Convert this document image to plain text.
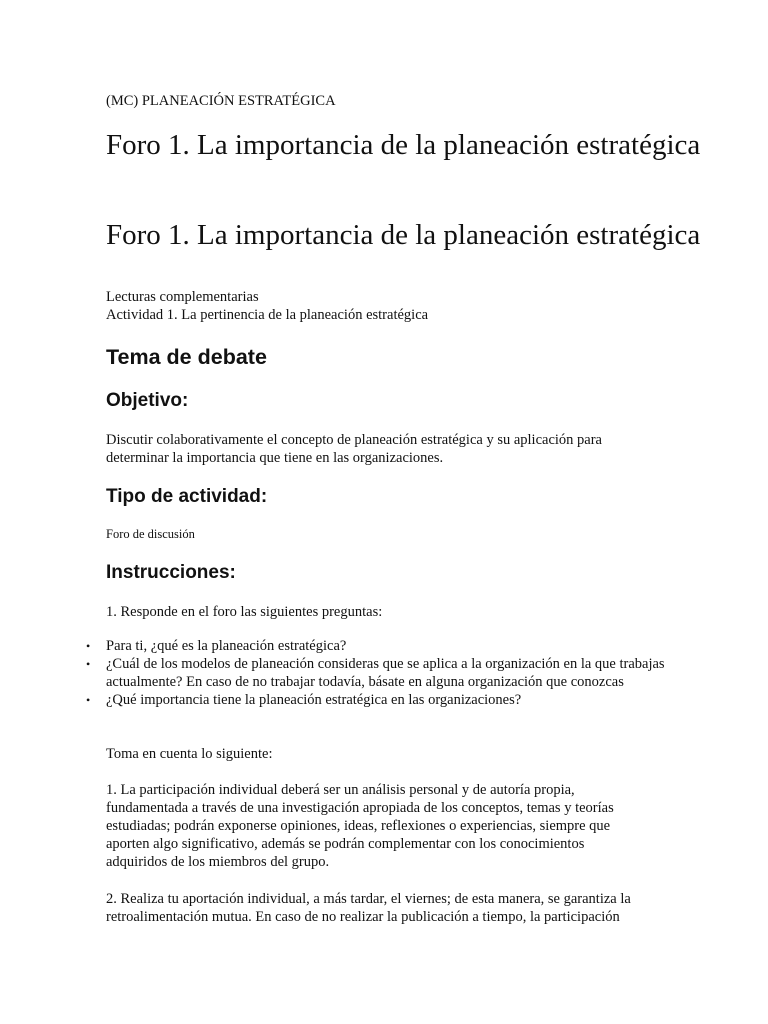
(MC) PLANEACIÓN ESTRATÉGICA

Foro 1. La importancia de la planeación estratégica
Foro 1. La importancia de la planeación estratégica

Lecturas complementarias

Actividad 1. La pertinencia de la planeación estratégica

Tema de debate
Objetivo:

Discutir colaborativamente el concepto de planeación estratégica y su aplicación para determinar la importancia que tiene en las organizaciones.

Tipo de actividad:

Foro de discusión

Instrucciones:

1. Responde en el foro las siguientes preguntas:

• Para ti, ¿qué es la planeación estratégica?
• ¿Cuál de los modelos de planeación consideras que se aplica a la organización en la que trabajas actualmente? En caso de no trabajar todavía, básate en alguna organización que conozcas
• ¿Qué importancia tiene la planeación estratégica en las organizaciones?

Toma en cuenta lo siguiente:

1. La participación individual deberá ser un análisis personal y de autoría propia, fundamentada a través de una investigación apropiada de los conceptos, temas y teorías estudiadas; podrán exponerse opiniones, ideas, reflexiones o experiencias, siempre que aporten algo significativo, además se podrán complementar con los conocimientos adquiridos de los miembros del grupo.

2. Realiza tu aportación individual, a más tardar, el viernes; de esta manera, se garantiza la retroalimentación mutua. En caso de no realizar la publicación a tiempo, la participación
